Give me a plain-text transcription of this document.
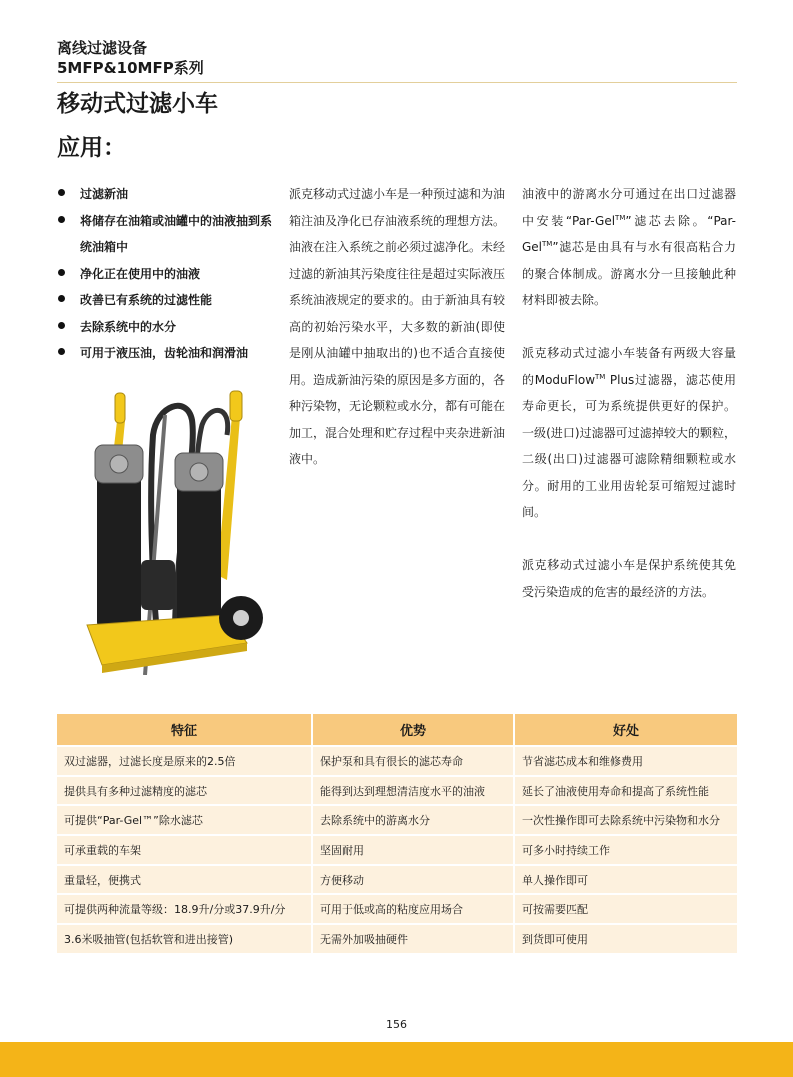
离线过滤设备
5MFP&10MFP系列
移动式过滤小车
应用：
过滤新油
将储存在油箱或油罐中的油液抽到系统油箱中
净化正在使用中的油液
改善已有系统的过滤性能
去除系统中的水分
可用于液压油，齿轮油和润滑油

派克移动式过滤小车是一种预过滤和为油箱注油及净化已存油液系统的理想方法。油液在注入系统之前必须过滤净化。未经过滤的新油其污染度往往是超过实际液压系统油液规定的要求的。由于新油具有较高的初始污染水平，大多数的新油(即使是刚从油罐中抽取出的)也不适合直接使用。造成新油污染的原因是多方面的，各种污染物，无论颗粒或水分，都有可能在加工，混合处理和贮存过程中夹杂进新油液中。

油液中的游离水分可通过在出口过滤器中安装“Par-Gel™”滤芯去除。“Par-Gel™”滤芯是由具有与水有很高粘合力的聚合体制成。游离水分一旦接触此种材料即被去除。

派克移动式过滤小车装备有两级大容量的ModuFlow™ Plus过滤器，滤芯使用寿命更长，可为系统提供更好的保护。一级(进口)过滤器可过滤掉较大的颗粒，二级(出口)过滤器可滤除精细颗粒或水分。耐用的工业用齿轮泵可缩短过滤时间。

派克移动式过滤小车是保护系统使其免受污染造成的危害的最经济的方法。

特征	优势	好处
双过滤器，过滤长度是原来的2.5倍	保护泵和具有很长的滤芯寿命	节省滤芯成本和维修费用
提供具有多种过滤精度的滤芯	能得到达到理想清洁度水平的油液	延长了油液使用寿命和提高了系统性能
可提供“Par-Gel™”除水滤芯	去除系统中的游离水分	一次性操作即可去除系统中污染物和水分
可承重载的车架	坚固耐用	可多小时持续工作
重量轻，便携式	方便移动	单人操作即可
可提供两种流量等级：18.9升/分或37.9升/分	可用于低或高的粘度应用场合	可按需要匹配
3.6米吸抽管(包括软管和进出接管)	无需外加吸抽硬件	到货即可使用
156
